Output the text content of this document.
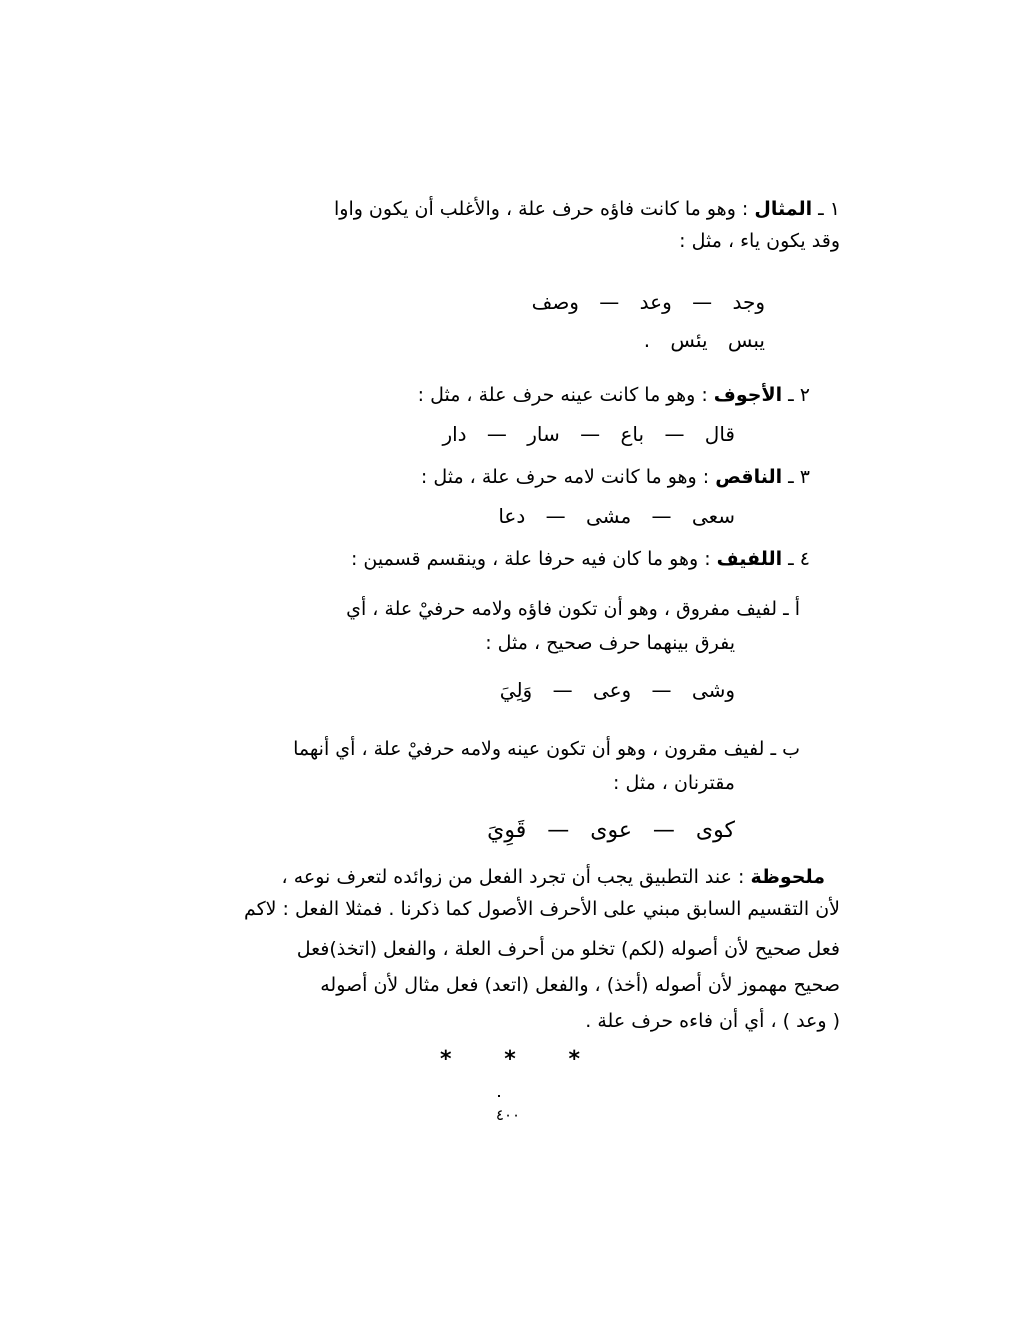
١ ـ المثال : وهو ما كانت فاؤه حرف علة ، والأغلب أن يكون واوا
وقد يكون ياء ، مثل :
وجد — وعد — وصف
يبس يئس .
٢ ـ الأجوف : وهو ما كانت عينه حرف علة ، مثل :
قال — باع — سار — دار
٣ ـ الناقص : وهو ما كانت لامه حرف علة ، مثل :
سعى — مشى — دعا
٤ ـ اللفيف : وهو ما كان فيه حرفا علة ، وينقسم قسمين :
أ ـ لفيف مفروق ، وهو أن تكون فاؤه ولامه حرفيْ علة ، أي
يفرق بينهما حرف صحيح ، مثل :
وشى — وعى — وَلِيَ
ب ـ لفيف مقرون ، وهو أن تكون عينه ولامه حرفيْ علة ، أي أنهما
مقترنان ، مثل :
كوى — عوى — قَوِيَ
ملحوظة : عند التطبيق يجب أن تجرد الفعل من زوائده لتعرف نوعه ،
لأن التقسيم السابق مبني على الأحرف الأصول كما ذكرنا . فمثلا الفعل : لاكم
فعل صحيح لأن أصوله (لكم) تخلو من أحرف العلة ، والفعل (اتخذ)فعل
صحيح مهموز لأن أصوله (أخذ) ، والفعل (اتعد) فعل مثال لأن أصوله
( وعد ) ، أي أن فاءه حرف علة .
* * *
٤٠٠
